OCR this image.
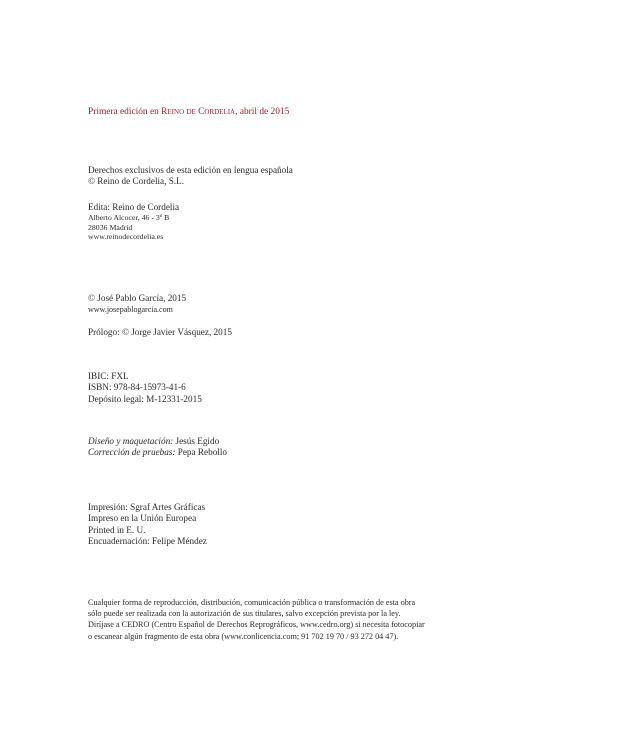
Primera edición en Reino de Cordelia, abril de 2015
Derechos exclusivos de esta edición en lengua española
© Reino de Cordelia, S.L.
Edita: Reino de Cordelia
Alberto Alcocer, 46 - 3º B
28036 Madrid
www.reinodecordelia.es
© José Pablo García, 2015
www.josepablogarcia.com
Prólogo: © Jorge Javier Vásquez, 2015
IBIC: FXL
ISBN: 978-84-15973-41-6
Depósito legal: M-12331-2015
Diseño y maquetación: Jesús Egido
Corrección de pruebas: Pepa Rebollo
Impresión: Sgraf Artes Gráficas
Impreso en la Unión Europea
Printed in E. U.
Encuadernación: Felipe Méndez
Cualquier forma de reproducción, distribución, comunicación pública o transformación de esta obra
sólo puede ser realizada con la autorización de sus titulares, salvo excepción prevista por la ley.
Diríjase a CEDRO (Centro Español de Derechos Reprográficos, www.cedro.org) si necesita fotocopiar
o escanear algún fragmento de esta obra (www.conlicencia.com; 91 702 19 70 / 93 272 04 47).
